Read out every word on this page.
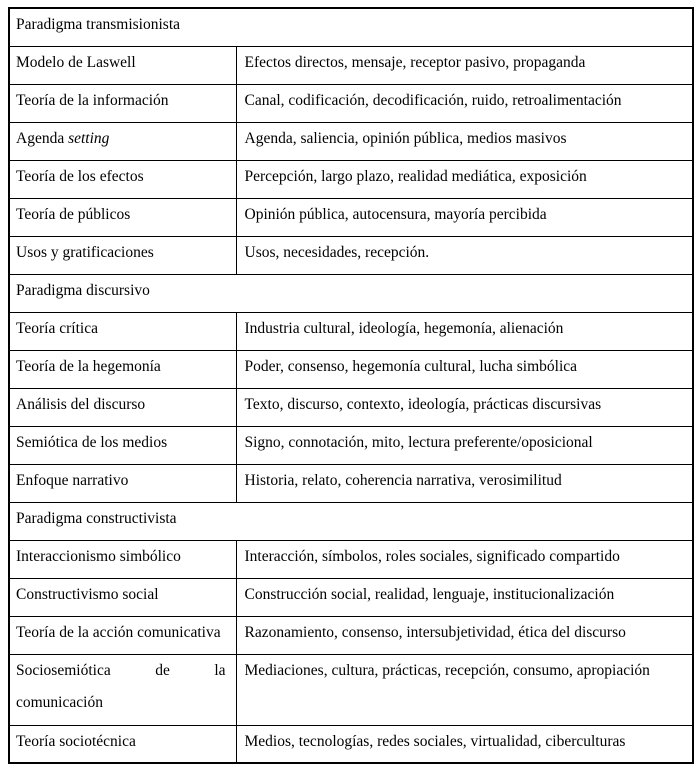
Paradigma transmisionista	
Modelo de Laswell	Efectos directos, mensaje, receptor pasivo, propaganda
Teoría de la información	Canal, codificación, decodificación, ruido, retroalimentación
Agenda setting	Agenda, saliencia, opinión pública, medios masivos
Teoría de los efectos	Percepción, largo plazo, realidad mediática, exposición
Teoría de públicos	Opinión pública, autocensura, mayoría percibida
Usos y gratificaciones	Usos, necesidades, recepción.
Paradigma discursivo	
Teoría crítica	Industria cultural, ideología, hegemonía, alienación
Teoría de la hegemonía	Poder, consenso, hegemonía cultural, lucha simbólica
Análisis del discurso	Texto, discurso, contexto, ideología, prácticas discursivas
Semiótica de los medios	Signo, connotación, mito, lectura preferente/oposicional
Enfoque narrativo	Historia, relato, coherencia narrativa, verosimilitud
Paradigma constructivista	
Interaccionismo simbólico	Interacción, símbolos, roles sociales, significado compartido
Constructivismo social	Construcción social, realidad, lenguaje, institucionalización
Teoría de la acción comunicativa	Razonamiento, consenso, intersubjetividad, ética del discurso

Sociosemiótica de la
comunicación	Mediaciones, cultura, prácticas, recepción, consumo, apropiación
Teoría sociotécnica	Medios, tecnologías, redes sociales, virtualidad, ciberculturas
